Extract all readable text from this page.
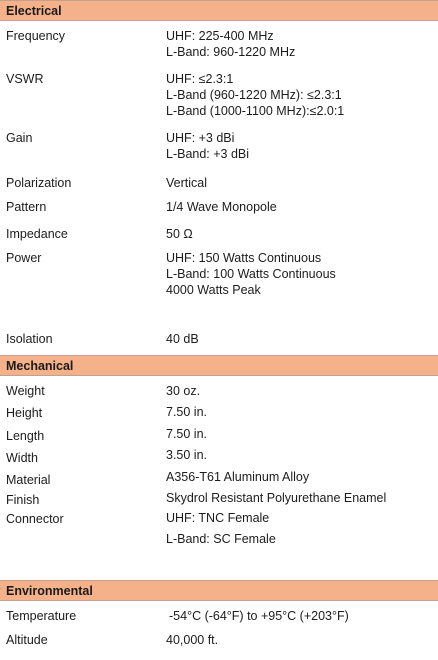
Electrical
Frequency	UHF: 225-400 MHz
L-Band: 960-1220 MHz
VSWR	UHF: ≤2.3:1
L-Band (960-1220 MHz): ≤2.3:1
L-Band (1000-1100 MHz):≤2.0:1
Gain	UHF: +3 dBi
L-Band: +3 dBi
Polarization	Vertical
Pattern	1/4 Wave Monopole
Impedance	50 Ω
Power	UHF: 150 Watts Continuous
L-Band: 100 Watts Continuous
4000 Watts Peak
Isolation	40 dB
Mechanical
Weight	30 oz.
Height	7.50 in.
Length	7.50 in.
Width	3.50 in.
Material	A356-T61 Aluminum Alloy
Finish	Skydrol Resistant Polyurethane Enamel
Connector	UHF: TNC Female
L-Band: SC Female
Environmental
Temperature	-54°C (-64°F) to +95°C (+203°F)
Altitude	40,000 ft.
